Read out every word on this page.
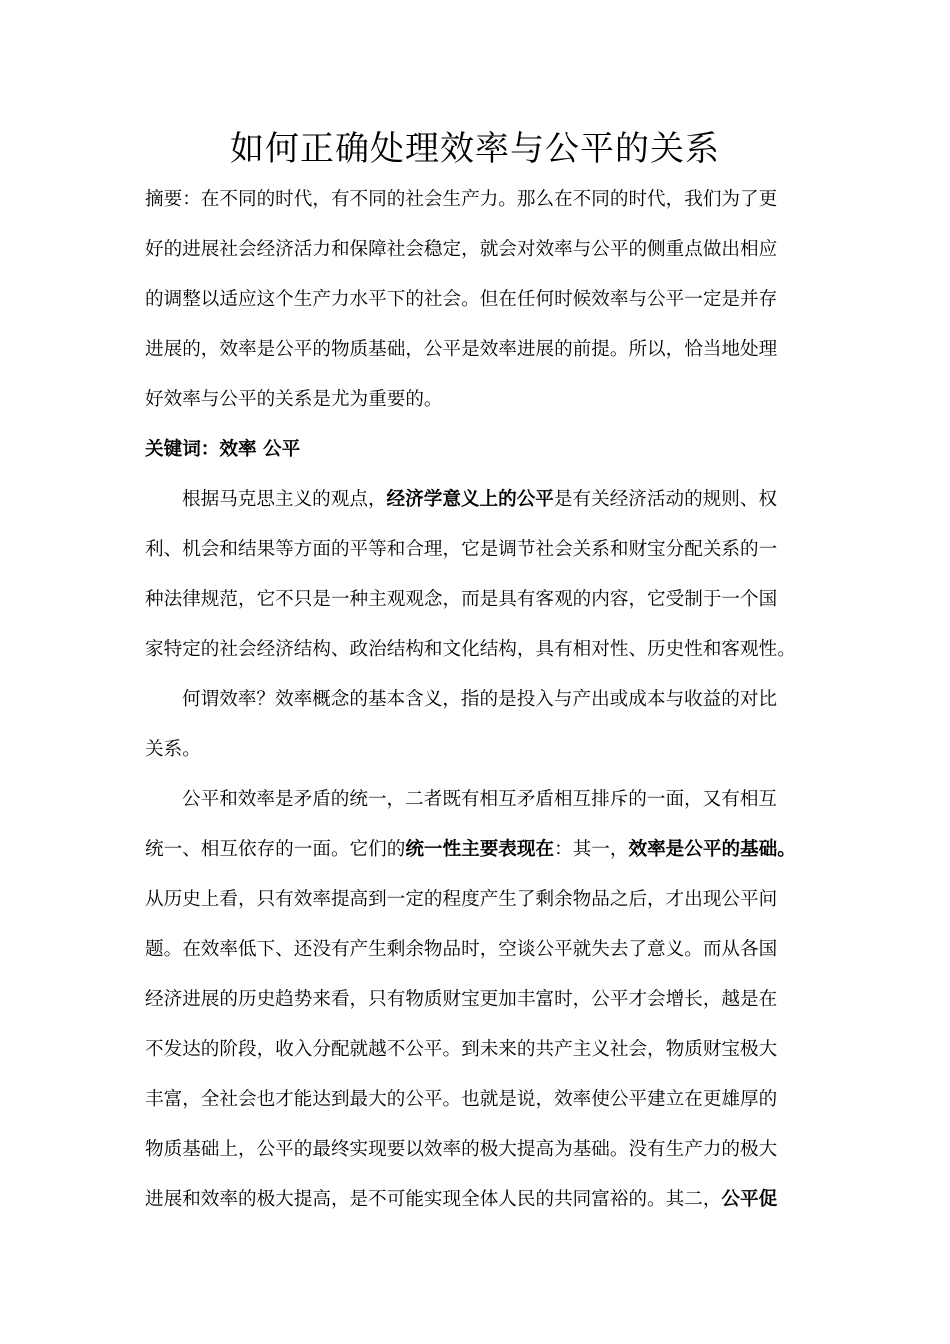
如何正确处理效率与公平的关系
摘要：在不同的时代，有不同的社会生产力。那么在不同的时代，我们为了更
好的进展社会经济活力和保障社会稳定，就会对效率与公平的侧重点做出相应
的调整以适应这个生产力水平下的社会。但在任何时候效率与公平一定是并存
进展的，效率是公平的物质基础，公平是效率进展的前提。所以，恰当地处理
好效率与公平的关系是尤为重要的。
关键词：效率 公平
根据马克思主义的观点，经济学意义上的公平是有关经济活动的规则、权
利、机会和结果等方面的平等和合理，它是调节社会关系和财宝分配关系的一
种法律规范，它不只是一种主观观念，而是具有客观的内容，它受制于一个国
家特定的社会经济结构、政治结构和文化结构，具有相对性、历史性和客观性。
何谓效率？效率概念的基本含义，指的是投入与产出或成本与收益的对比
关系。
公平和效率是矛盾的统一，二者既有相互矛盾相互排斥的一面，又有相互
统一、相互依存的一面。它们的统一性主要表现在：其一，效率是公平的基础。
从历史上看，只有效率提高到一定的程度产生了剩余物品之后，才出现公平问
题。在效率低下、还没有产生剩余物品时，空谈公平就失去了意义。而从各国
经济进展的历史趋势来看，只有物质财宝更加丰富时，公平才会增长，越是在
不发达的阶段，收入分配就越不公平。到未来的共产主义社会，物质财宝极大
丰富，全社会也才能达到最大的公平。也就是说，效率使公平建立在更雄厚的
物质基础上，公平的最终实现要以效率的极大提高为基础。没有生产力的极大
进展和效率的极大提高，是不可能实现全体人民的共同富裕的。其二，公平促
